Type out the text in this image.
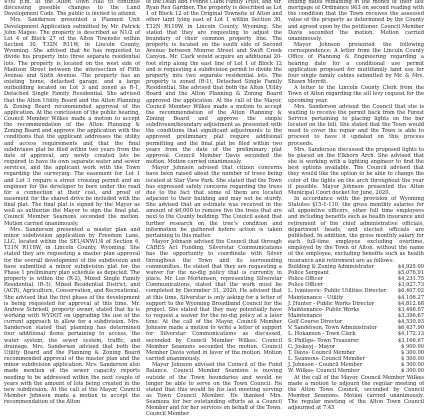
4:00 p.m. at the Alton Town Hall to continue discussing possible changes to the Land Development Code. The public is invited to attend.

Mrs. Sanderson presented a Planned Unit Development Application submitted by Mr. Patrick John Magee. The property is described as N1/2 of Lot 4 of Block 27 of the Alton Townsite within Section 30, T32N R11W, in Lincoln County, Wyoming. She advised that he has requested to divide his property into three separate residential lots. The property is located on the west side of Madison Street between the intersection of Fifth Avenue and Sixth Avenue. The property has an existing home, detached garage, and a large outbuilding located on Lot 3 and zoned as R-1, Detached Single Family Residential. She advised that the Alton Utility Board and the Alton Planning & Zoning Board recommended approval of the application. At the conclusion of the public hearing, Council Member Wilkes made a motion to accept the recommendation of the Alton Planning & Zoning Board and approve the application with the conditions that the applicant addresses the utility and access requirements and that the final subdivision plat be filed within two years from the date of approval, any newly created lots be required to have its own separate water and sewer services, and the applicant work with the Town regarding the surveying. The easement for Lot 1 and Lot 3 require a street crossing permit and an engineer for the developer to bore under the road for a connection at their cost, and proof of easement for the shared drive be included with the final plat. The final plat is signed by the Mayor as well as authorize the Mayor to sign the final plat. Council Member Seamons seconded the motion. Motion carried unanimously.

Mrs. Sanderson presented a master plan and minor subdivision application by Freedom Lane, LLC, located within the SE1/4NW1/4 of Section 6, T31N R118W, in Lincoln County, Wyoming. She stated they are requesting a master plan approval for the overall development of the subdivision and have submitted a minor subdivision plat for the Phase 1 preliminary plan schedule as depicted. The property is within the (R-2), Mixed Single Family Residential, (R-3), Mixed Residential District, and (ACR), Agriculture, Conservation, and Recreational. She advised that the first phase of the development is being requested for approval at this time. Mr. Andrew Schriedl, property owner, stated that he is working with WYDOT on upgrading the use of the current approach to allow for a subdivision. Mrs. Sanderson stated that planning has determined four additional items pertaining to access, the water system, the sewer system, traffic, and drainage. Mrs. Sanderson advised that both the Utility Board and the Planning & Zoning Board recommended approval of the master plan and the minor subdivision application. Mrs. Sanderson also made mention of the sewer capacity reports needing to be addressed within the next couple of years with the amount of lots being created in the new subdivision. At the call of the Mayor, Council Member Johnson made a motion to accept the recommendation of the Alton

of the Dean and Yvonne Clark Family Trust, and Mr. Ryan Rex Gardner. The property is described as Lot 1 of Block 12 of the Original Townsite of Alton and other land lying east of Lot 1 within Section 30, T32N R119W, in Lincoln County, Wyoming. She stated that they are requesting to adjust the boundary of their common property line. The property is located on the south side of Second Avenue between Monroe Street and Swift Creek Canyon. Mr. Clark would acquire an additional 20-foot strip along the east line of Lot 1 of Block 12 and is requesting a subdivision permit to divide the property into two separate residential lots. The property is zoned (R-1), Detached Single Family Residential. She advised that both the Alton Utility Board and the Alton Planning & Zoning Board approved the application. At the call of the Mayor, Council Member Wilkes made a motion to accept the recommendation of the Alton Planning & Zoning Board and approve the simple subdivision/boundary adjustment as presented with the conditions that significant adjustments to the approved preliminary plat require additional permitting and the final plat be filed within two years from the date of the preliminary plat approval. Council Member Davis seconded the motion. Motion carried unanimously.

Mayor Johnson advised that citizen concerns have been raised about the number of trees being located at Star View Park. She stated that the Town has expressed safety concerns regarding the trees due to the fact that some of them are located adjacent to their building and may not be sturdy. She advised that an estimate was received in the amount of $6,000 to remove five the trees that are next to the County building. The Council asked that further research on the tree's condition and information be gathered before action is taken pertaining to this matter.

Mayor Johnson advised the Council that through CARES Act Funding, Silverstar Communications has the opportunity to coordinate with Silver throughout the Town and its surrounding communities. He stated that they are requesting a waiver for the no-dig policy that is currently in place. Mr. Lee Mortensen, representing Silverstar Communications, stated that the work must be completed by December 31, 2020. He advised that at this time, Silverstar is only asking for a letter of support to the Wyoming Broadband Council for the project. She stated that they may potentially have to request a waiver for the no-dig policy at a later time. At the call of the Mayor, Council Member Johnson made a motion to write a letter of support for Silverstar Communications as discussed, seconded by Council Member Wilkes. Council Member Seamons seconded the motion. Council Member Davis voted in favor of the motion. Motion carried unanimously.

Mayor Johnson advised the Council of the Fund Balance. Council Member Seamons is moving outside of the Town boundaries and would no longer be able to serve on the Town Council. He stated that this would be his last meeting serving as Town Council Member. He thanked Mrs. Seamons for her outstanding efforts as a Council Member and for her services on behalf of the Town. Council Member

ending dates remaining in the month of their last mortgage of Ordinance 963 on second reading with the condition that the Town receives the assessed value of the property as determined by the County and agreed upon by the petitioner. Council Member Davis seconded the motion. Motion carried unanimously.

Mayor Johnson presented the following correspondence: A letter from the Lincoln County Office of Planning & Engineering regarding a hearing date for a conditional use permit application proposed for multifamily land use for four single family cabins submitted by Mr. & Mrs. Shawn Merritt.

A letter to the Lincoln County Clerk from the Town of Alton regarding the sill levy request for the upcoming year.

Mrs. Sanderson advised the Council that she is waiting to receive the permit back from the Forest Service pertaining to placing lights on the bar located on the bill. She stated that the Town would need to cover the repair and the Town is able to proceed to have it updated on this process proceeds.

Mrs. Sanderson discussed the proposed lights to be placed on the Elkhorn Arch. She advised that she is working with a lighting engineer to find the best options available. The Council advised that they would like the option to be able to change the color of the lights on the arch throughout the year if possible. Mayor Johnson presented the Alton Municipal Court docket for June, 2020.

In accordance with the provision of Wyoming Statutes §15-1-110, the gross monthly salaries for all appointive officers, other full time employees and including benefits such as health insurance and retirement of the chief administrative officials, department heads, and elected officials are published. In addition, the gross monthly salary for each full-time employee excluding overtime, employed by the Town of Alton, without the name of the employee, excluding benefits such as health insurance and retirement are as follows:

Building & Zoning Administrator	$4,925.00
Police Sergeant	$5,076.91
Police Officer	$4,231.75
Police Officer	$3,927.73
L. Ivanisevic- Public Utilities Director $6,407.02
Maintenance - Utility	$4,106.27
J. Hunter - Public Works Director	$4,812.68
Maintenance- Public Works	$3,466.67
Maintenance	$3,396.67
Golf Course Director	$4,530.93
V. Sanderson, Town Administrator	$6,437.90
L. Hokanson - Town Clerk	$4,172.13
S. Phillips- Town Treasurer	$3,166.67
C. Joskeyj - Mayor	$ 900.00
T. Davis- Council Member	$ 300.00
L. Seamons- Council Member	$ 300.00
J. Johnson - Council Member	$ 300.00
W. Wilkes- Council Member	$ 300.00

At the call of the Mayor, Council Member Wilkes made a motion to adjourn the regular meeting of the Alton Town Council, seconded by Council Member Seamons. Motion carried unanimously. The regular meeting of the Alton Town Council adjourned at 7:45
